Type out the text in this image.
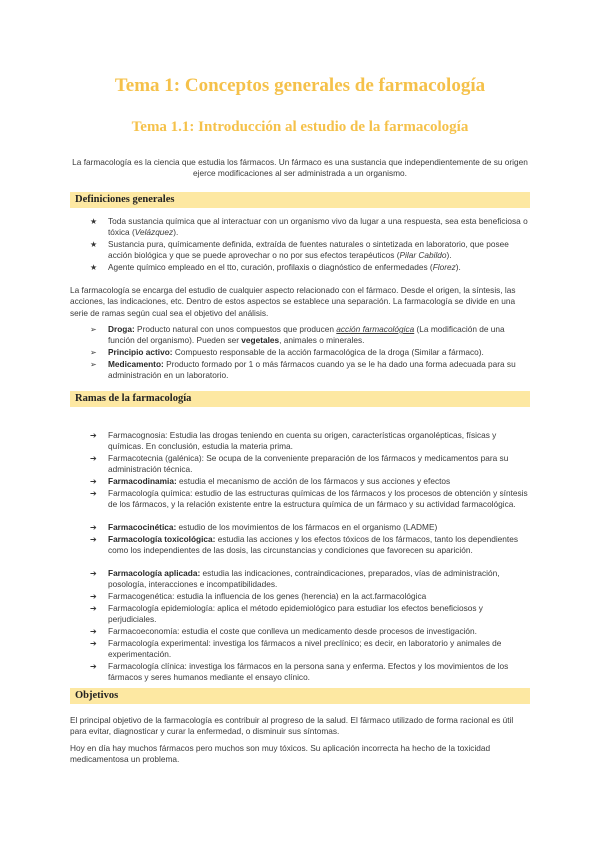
Tema 1: Conceptos generales de farmacología
Tema 1.1: Introducción al estudio de la farmacología

La farmacología es la ciencia que estudia los fármacos. Un fármaco es una sustancia que independientemente de su origen ejerce modificaciones al ser administrada a un organismo.

Definiciones generales
★ Toda sustancia química que al interactuar con un organismo vivo da lugar a una respuesta, sea esta beneficiosa o tóxica (Velázquez).
★ Sustancia pura, químicamente definida, extraída de fuentes naturales o sintetizada en laboratorio, que posee acción biológica y que se puede aprovechar o no por sus efectos terapéuticos (Pilar Cabildo).
★ Agente químico empleado en el tto, curación, profilaxis o diagnóstico de enfermedades (Florez).

La farmacología se encarga del estudio de cualquier aspecto relacionado con el fármaco. Desde el origen, la síntesis, las acciones, las indicaciones, etc. Dentro de estos aspectos se establece una separación. La farmacología se divide en una serie de ramas según cual sea el objetivo del análisis.

➢ Droga: Producto natural con unos compuestos que producen acción farmacológica (La modificación de una función del organismo). Pueden ser vegetales, animales o minerales.
➢ Principio activo: Compuesto responsable de la acción farmacológica de la droga (Similar a fármaco).
➢ Medicamento: Producto formado por 1 o más fármacos cuando ya se le ha dado una forma adecuada para su administración en un laboratorio.
Ramas de la farmacología
➔ Farmacognosia: Estudia las drogas teniendo en cuenta su origen, características organolépticas, físicas y químicas. En conclusión, estudia la materia prima.
➔ Farmacotecnia (galénica): Se ocupa de la conveniente preparación de los fármacos y medicamentos para su administración técnica.
➔ Farmacodinamia: estudia el mecanismo de acción de los fármacos y sus acciones y efectos
➔ Farmacología química: estudio de las estructuras químicas de los fármacos y los procesos de obtención y síntesis de los fármacos, y la relación existente entre la estructura química de un fármaco y su actividad farmacológica.
➔ Farmacocinética: estudio de los movimientos de los fármacos en el organismo (LADME)
➔ Farmacología toxicológica: estudia las acciones y los efectos tóxicos de los fármacos, tanto los dependientes como los independientes de las dosis, las circunstancias y condiciones que favorecen su aparición.
➔ Farmacología aplicada: estudia las indicaciones, contraindicaciones, preparados, vías de administración, posología, interacciones e incompatibilidades.
➔ Farmacogenética: estudia la influencia de los genes (herencia) en la act.farmacológica
➔ Farmacología epidemiología: aplica el método epidemiológico para estudiar los efectos beneficiosos y perjudiciales.
➔ Farmacoeconomía: estudia el coste que conlleva un medicamento desde procesos de investigación.
➔ Farmacología experimental: investiga los fármacos a nivel preclínico; es decir, en laboratorio y animales de experimentación.
➔ Farmacología clínica: investiga los fármacos en la persona sana y enferma. Efectos y los movimientos de los fármacos y seres humanos mediante el ensayo clínico.
Objetivos

El principal objetivo de la farmacología es contribuir al progreso de la salud. El fármaco utilizado de forma racional es útil para evitar, diagnosticar y curar la enfermedad, o disminuir sus síntomas.

Hoy en día hay muchos fármacos pero muchos son muy tóxicos. Su aplicación incorrecta ha hecho de la toxicidad medicamentosa un problema.
